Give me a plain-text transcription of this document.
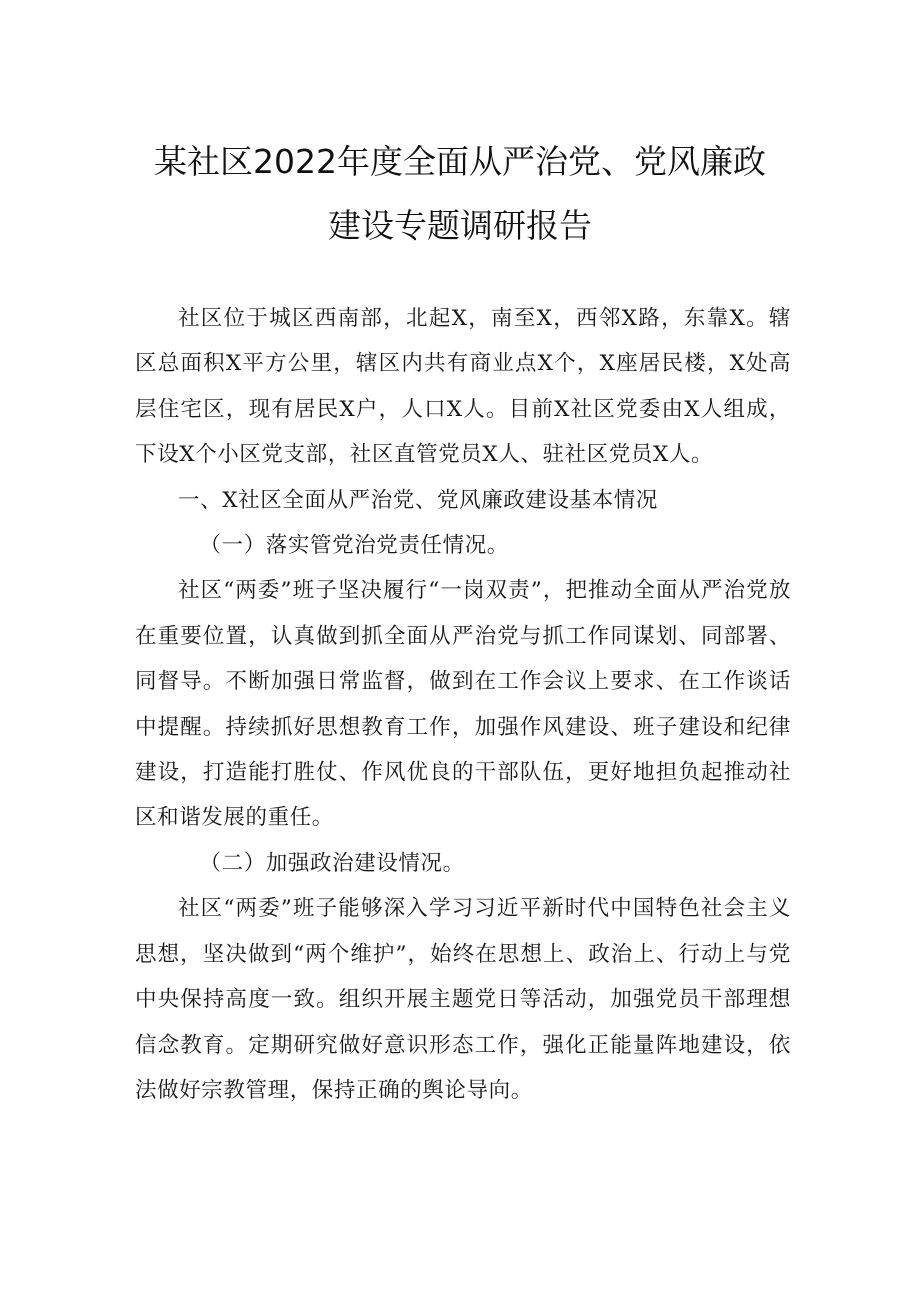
某社区2022年度全面从严治党、党风廉政
建设专题调研报告

社区位于城区西南部，北起X，南至X，西邻X路，东靠X。辖区总面积X平方公里，辖区内共有商业点X个，X座居民楼，X处高层住宅区，现有居民X户，人口X人。目前X社区党委由X人组成，下设X个小区党支部，社区直管党员X人、驻社区党员X人。

一、X社区全面从严治党、党风廉政建设基本情况

（一）落实管党治党责任情况。

社区“两委”班子坚决履行“一岗双责”，把推动全面从严治党放在重要位置，认真做到抓全面从严治党与抓工作同谋划、同部署、同督导。不断加强日常监督，做到在工作会议上要求、在工作谈话中提醒。持续抓好思想教育工作，加强作风建设、班子建设和纪律建设，打造能打胜仗、作风优良的干部队伍，更好地担负起推动社区和谐发展的重任。

（二）加强政治建设情况。

社区“两委”班子能够深入学习习近平新时代中国特色社会主义思想，坚决做到“两个维护”，始终在思想上、政治上、行动上与党中央保持高度一致。组织开展主题党日等活动，加强党员干部理想信念教育。定期研究做好意识形态工作，强化正能量阵地建设，依法做好宗教管理，保持正确的舆论导向。
